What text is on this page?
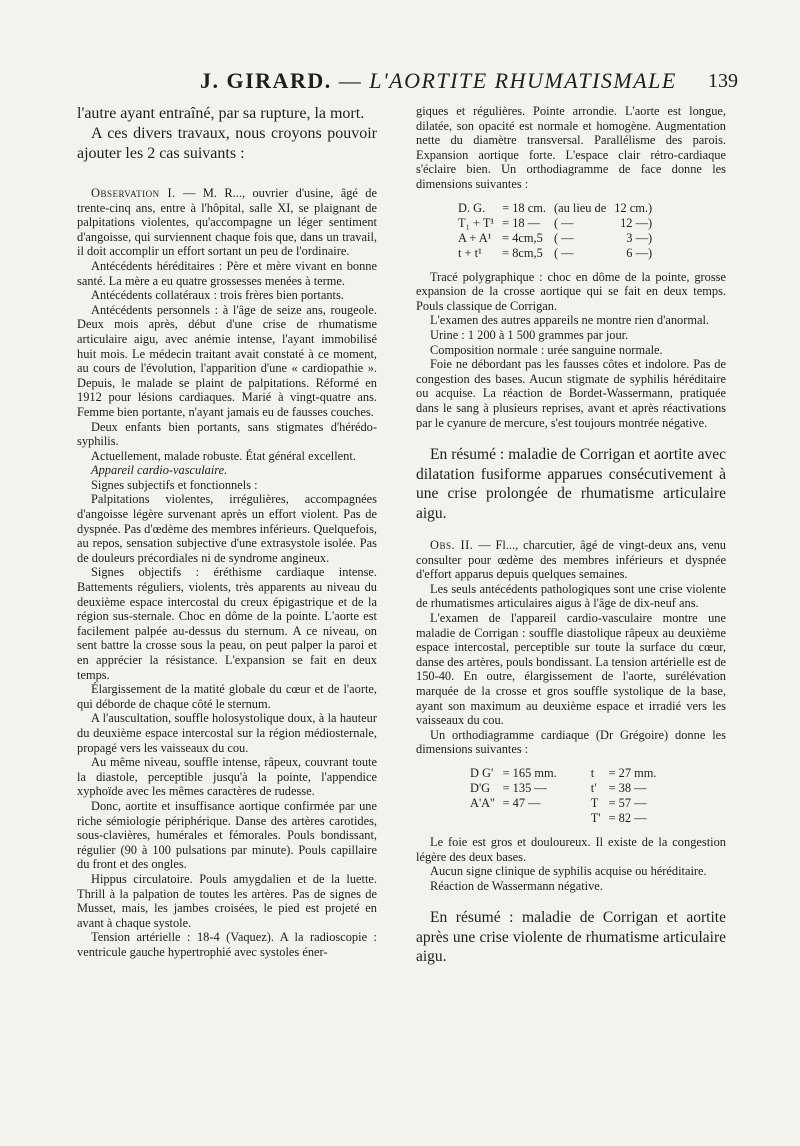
J. GIRARD. — L'AORTITE RHUMATISMALE 139

l'autre ayant entraîné, par sa rupture, la mort.

A ces divers travaux, nous croyons pouvoir ajouter les 2 cas suivants :

Observation I. — M. R..., ouvrier d'usine, âgé de trente-cinq ans, entre à l'hôpital, salle XI, se plaignant de palpitations violentes, qu'accompagne un léger sentiment d'angoisse, qui surviennent chaque fois que, dans un travail, il doit accomplir un effort sortant un peu de l'ordinaire.

Antécédents héréditaires : Père et mère vivant en bonne santé. La mère a eu quatre grossesses menées à terme.

Antécédents collatéraux : trois frères bien portants.

Antécédents personnels : à l'âge de seize ans, rougeole. Deux mois après, début d'une crise de rhumatisme articulaire aigu, avec anémie intense, l'ayant immobilisé huit mois. Le médecin traitant avait constaté à ce moment, au cours de l'évolution, l'apparition d'une « cardiopathie ». Depuis, le malade se plaint de palpitations. Réformé en 1912 pour lésions cardiaques. Marié à vingt-quatre ans. Femme bien portante, n'ayant jamais eu de fausses couches.

Deux enfants bien portants, sans stigmates d'hérédo-syphilis.

Actuellement, malade robuste. État général excellent.

Appareil cardio-vasculaire.

Signes subjectifs et fonctionnels :

Palpitations violentes, irrégulières, accompagnées d'angoisse légère survenant après un effort violent. Pas de dyspnée. Pas d'œdème des membres inférieurs. Quelquefois, au repos, sensation subjective d'une extrasystole isolée. Pas de douleurs précordiales ni de syndrome angineux.

Signes objectifs : éréthisme cardiaque intense. Battements réguliers, violents, très apparents au niveau du deuxième espace intercostal du creux épigastrique et de la région sus-sternale. Choc en dôme de la pointe. L'aorte est facilement palpée au-dessus du sternum. A ce niveau, on sent battre la crosse sous la peau, on peut palper la paroi et en apprécier la résistance. L'expansion se fait en deux temps.

Élargissement de la matité globale du cœur et de l'aorte, qui déborde de chaque côté le sternum.

A l'auscultation, souffle holosystolique doux, à la hauteur du deuxième espace intercostal sur la région médiosternale, propagé vers les vaisseaux du cou.

Au même niveau, souffle intense, râpeux, couvrant toute la diastole, perceptible jusqu'à la pointe, l'appendice xyphoïde avec les mêmes caractères de rudesse.

Donc, aortite et insuffisance aortique confirmée par une riche sémiologie périphérique. Danse des artères carotides, sous-clavières, humérales et fémorales. Pouls bondissant, régulier (90 à 100 pulsations par minute). Pouls capillaire du front et des ongles.

Hippus circulatoire. Pouls amygdalien et de la luette. Thrill à la palpation de toutes les artères. Pas de signes de Musset, mais, les jambes croisées, le pied est projeté en avant à chaque systole.

Tension artérielle : 18-4 (Vaquez). A la radioscopie : ventricule gauche hypertrophié avec systoles éner-

giques et régulières. Pointe arrondie. L'aorte est longue, dilatée, son opacité est normale et homogène. Augmentation nette du diamètre transversal. Parallélisme des parois. Expansion aortique forte. L'espace clair rétro-cardiaque s'éclaire bien. Un orthodiagramme de face donne les dimensions suivantes :

D. G.	= 18 cm.	(au lieu de	12 cm.)
T₁ + T¹	= 18 —	( —	12 —)
A + A¹	= 4cm,5	( —	3 —)
t + t¹	= 8cm,5	( —	6 —)

Tracé polygraphique : choc en dôme de la pointe, grosse expansion de la crosse aortique qui se fait en deux temps. Pouls classique de Corrigan.

L'examen des autres appareils ne montre rien d'anormal.

Urine : 1 200 à 1 500 grammes par jour.

Composition normale : urée sanguine normale.

Foie ne débordant pas les fausses côtes et indolore. Pas de congestion des bases. Aucun stigmate de syphilis héréditaire ou acquise. La réaction de Bordet-Wassermann, pratiquée dans le sang à plusieurs reprises, avant et après réactivations par le cyanure de mercure, s'est toujours montrée négative.

En résumé : maladie de Corrigan et aortite avec dilatation fusiforme apparues consécutivement à une crise prolongée de rhumatisme articulaire aigu.

Obs. II. — Fl..., charcutier, âgé de vingt-deux ans, venu consulter pour œdème des membres inférieurs et dyspnée d'effort apparus depuis quelques semaines.

Les seuls antécédents pathologiques sont une crise violente de rhumatismes articulaires aigus à l'âge de dix-neuf ans.

L'examen de l'appareil cardio-vasculaire montre une maladie de Corrigan : souffle diastolique râpeux au deuxième espace intercostal, perceptible sur toute la surface du cœur, danse des artères, pouls bondissant. La tension artérielle est de 150-40. En outre, élargissement de l'aorte, surélévation marquée de la crosse et gros souffle systolique de la base, ayant son maximum au deuxième espace et irradié vers les vaisseaux du cou.

Un orthodiagramme cardiaque (Dr Grégoire) donne les dimensions suivantes :

D G'	= 165 mm.		t	= 27 mm.
D'G	= 135 —		t'	= 38 —
A'A''	= 47 —		T	= 57 —
			T'	= 82 —

Le foie est gros et douloureux. Il existe de la congestion légère des deux bases.

Aucun signe clinique de syphilis acquise ou héréditaire.

Réaction de Wassermann négative.

En résumé : maladie de Corrigan et aortite après une crise violente de rhumatisme articulaire aigu.
